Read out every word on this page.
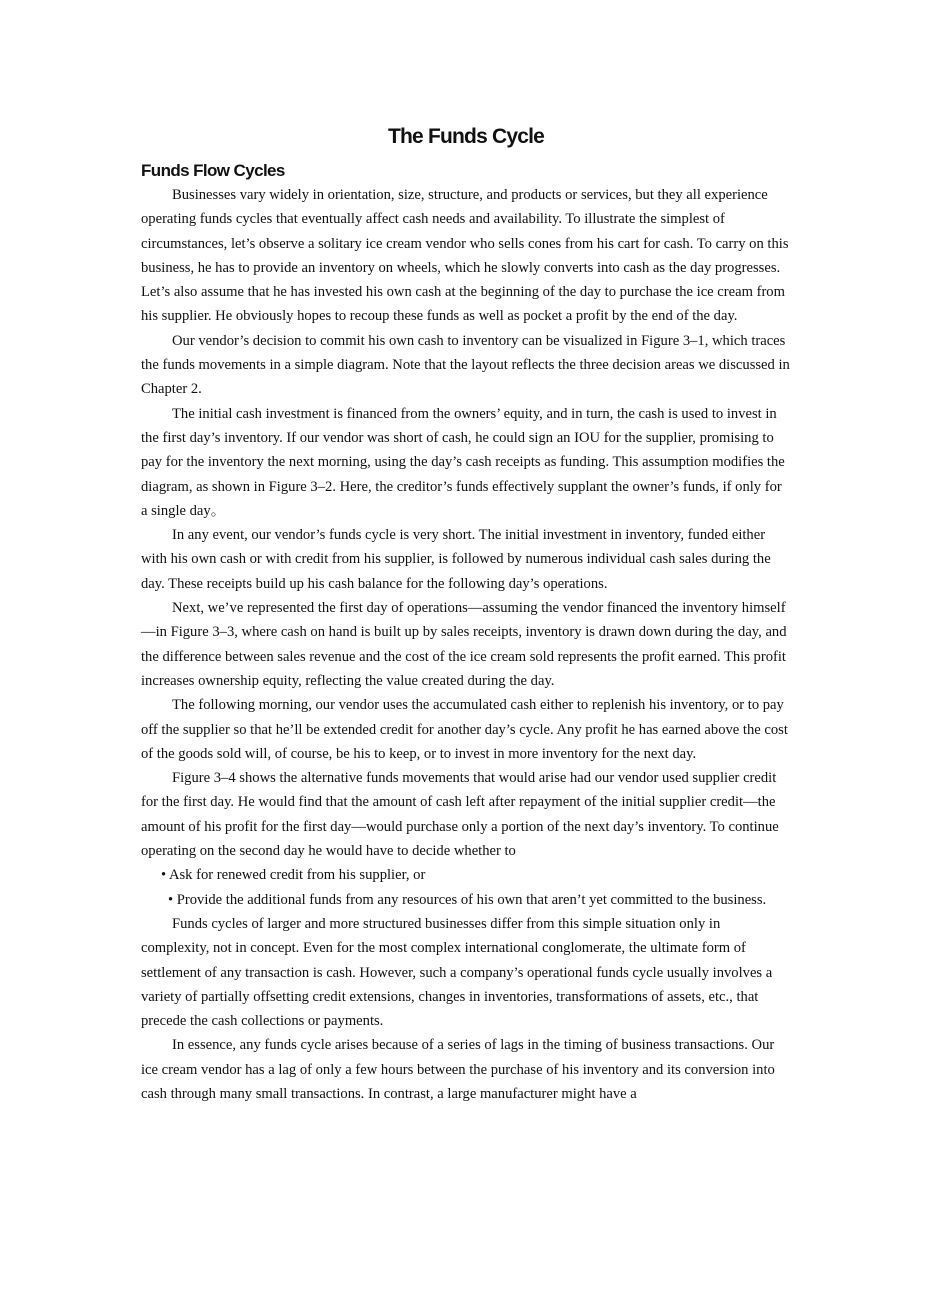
The Funds Cycle
Funds Flow Cycles

Businesses vary widely in orientation, size, structure, and products or services, but they all experience operating funds cycles that eventually affect cash needs and availability. To illustrate the simplest of circumstances, let’s observe a solitary ice cream vendor who sells cones from his cart for cash. To carry on this business, he has to provide an inventory on wheels, which he slowly converts into cash as the day progresses. Let’s also assume that he has invested his own cash at the beginning of the day to purchase the ice cream from his supplier. He obviously hopes to recoup these funds as well as pocket a profit by the end of the day.

Our vendor’s decision to commit his own cash to inventory can be visualized in Figure 3–1, which traces the funds movements in a simple diagram. Note that the layout reflects the three decision areas we discussed in Chapter 2.

The initial cash investment is financed from the owners’ equity, and in turn, the cash is used to invest in the first day’s inventory. If our vendor was short of cash, he could sign an IOU for the supplier, promising to pay for the inventory the next morning, using the day’s cash receipts as funding. This assumption modifies the diagram, as shown in Figure 3–2. Here, the creditor’s funds effectively supplant the owner’s funds, if only for a single day。

In any event, our vendor’s funds cycle is very short. The initial investment in inventory, funded either with his own cash or with credit from his supplier, is followed by numerous individual cash sales during the day. These receipts build up his cash balance for the following day’s operations.

Next, we’ve represented the first day of operations—assuming the vendor financed the inventory himself—in Figure 3–3, where cash on hand is built up by sales receipts, inventory is drawn down during the day, and the difference between sales revenue and the cost of the ice cream sold represents the profit earned. This profit increases ownership equity, reflecting the value created during the day.

The following morning, our vendor uses the accumulated cash either to replenish his inventory, or to pay off the supplier so that he’ll be extended credit for another day’s cycle. Any profit he has earned above the cost of the goods sold will, of course, be his to keep, or to invest in more inventory for the next day.

Figure 3–4 shows the alternative funds movements that would arise had our vendor used supplier credit for the first day. He would find that the amount of cash left after repayment of the initial supplier credit—the amount of his profit for the first day—would purchase only a portion of the next day’s inventory. To continue operating on the second day he would have to decide whether to

• Ask for renewed credit from his supplier, or

• Provide the additional funds from any resources of his own that aren’t yet committed to the business.

Funds cycles of larger and more structured businesses differ from this simple situation only in complexity, not in concept. Even for the most complex international conglomerate, the ultimate form of settlement of any transaction is cash. However, such a company’s operational funds cycle usually involves a variety of partially offsetting credit extensions, changes in inventories, transformations of assets, etc., that precede the cash collections or payments.

In essence, any funds cycle arises because of a series of lags in the timing of business transactions. Our ice cream vendor has a lag of only a few hours between the purchase of his inventory and its conversion into cash through many small transactions. In contrast, a large manufacturer might have a
